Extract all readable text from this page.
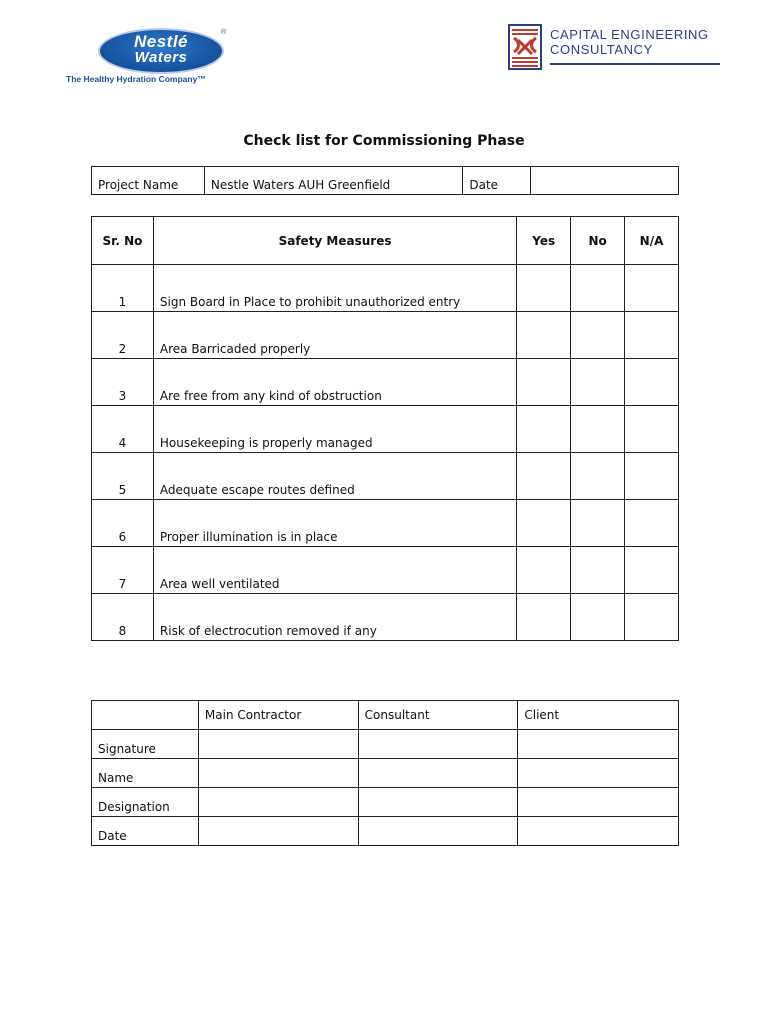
Nestlé
Waters
®
The Healthy Hydration Company™
CAPITAL ENGINEERING
CONSULTANCY
Check list for Commissioning Phase
Project Name	Nestle Waters AUH Greenfield	Date	
Sr. No	Safety Measures	Yes	No	N/A
1	Sign Board in Place to prohibit unauthorized entry			
2	Area Barricaded properly			
3	Are free from any kind of obstruction			
4	Housekeeping is properly managed			
5	Adequate escape routes defined			
6	Proper illumination is in place			
7	Area well ventilated			
8	Risk of electrocution removed if any			
	Main Contractor	Consultant	Client
Signature			
Name			
Designation			
Date			
